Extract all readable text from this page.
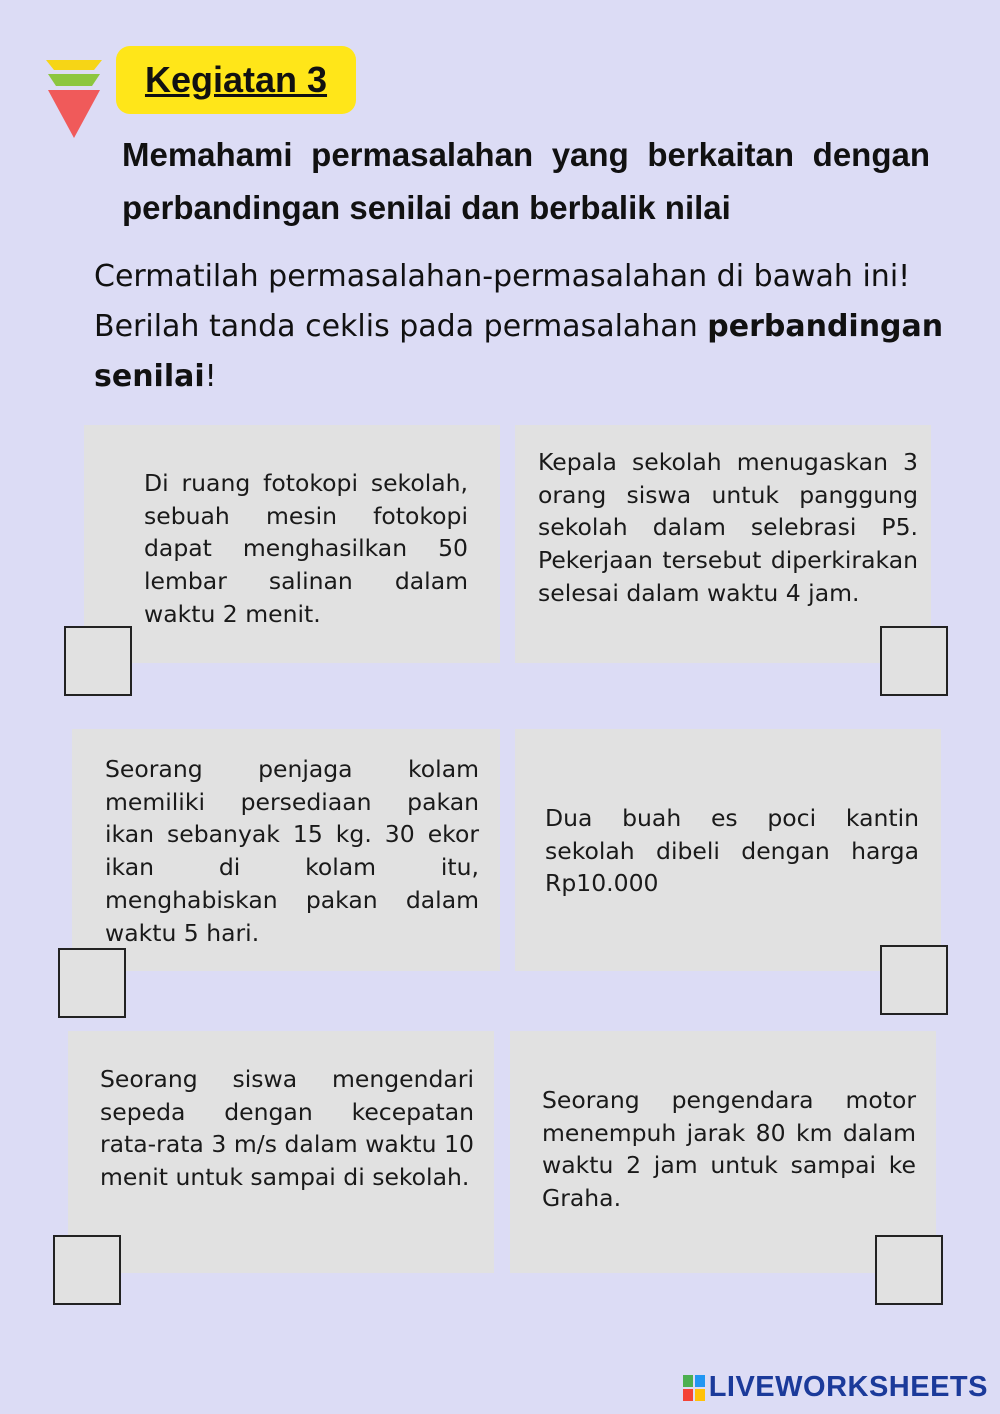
Kegiatan 3
Memahami permasalahan yang berkaitan dengan perbandingan senilai dan berbalik nilai
Cermatilah permasalahan-permasalahan di bawah ini!
Berilah tanda ceklis pada permasalahan perbandingan senilai!
Di ruang fotokopi sekolah, sebuah mesin fotokopi dapat menghasilkan 50 lembar salinan dalam waktu 2 menit.
Kepala sekolah menugaskan 3 orang siswa untuk panggung sekolah dalam selebrasi P5. Pekerjaan tersebut diperkirakan selesai dalam waktu 4 jam.
Seorang penjaga kolam memiliki persediaan pakan ikan sebanyak 15 kg. 30 ekor ikan di kolam itu, menghabiskan pakan dalam waktu 5 hari.
Dua buah es poci kantin sekolah dibeli dengan harga Rp10.000
Seorang siswa mengendari sepeda dengan kecepatan rata-rata 3 m/s dalam waktu 10 menit untuk sampai di sekolah.
Seorang pengendara motor menempuh jarak 80 km dalam waktu 2 jam untuk sampai ke Graha.
LIVEWORKSHEETS
